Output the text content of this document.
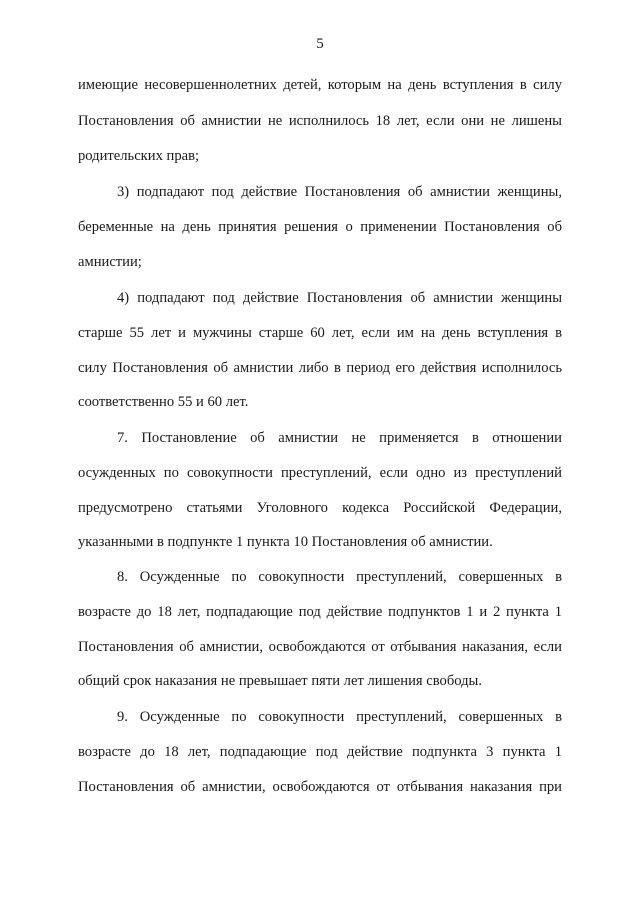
5
имеющие несовершеннолетних детей, которым на день вступления в силу
Постановления об амнистии не исполнилось 18 лет, если они не лишены
родительских прав;
3) подпадают под действие Постановления об амнистии женщины,
беременные на день принятия решения о применении Постановления об
амнистии;
4) подпадают под действие Постановления об амнистии женщины
старше 55 лет и мужчины старше 60 лет, если им на день вступления в
силу Постановления об амнистии либо в период его действия исполнилось
соответственно 55 и 60 лет.
7. Постановление об амнистии не применяется в отношении
осужденных по совокупности преступлений, если одно из преступлений
предусмотрено статьями Уголовного кодекса Российской Федерации,
указанными в подпункте 1 пункта 10 Постановления об амнистии.
8. Осужденные по совокупности преступлений, совершенных в
возрасте до 18 лет, подпадающие под действие подпунктов 1 и 2 пункта 1
Постановления об амнистии, освобождаются от отбывания наказания, если
общий срок наказания не превышает пяти лет лишения свободы.
9. Осужденные по совокупности преступлений, совершенных в
возрасте до 18 лет, подпадающие под действие подпункта 3 пункта 1
Постановления об амнистии, освобождаются от отбывания наказания при
